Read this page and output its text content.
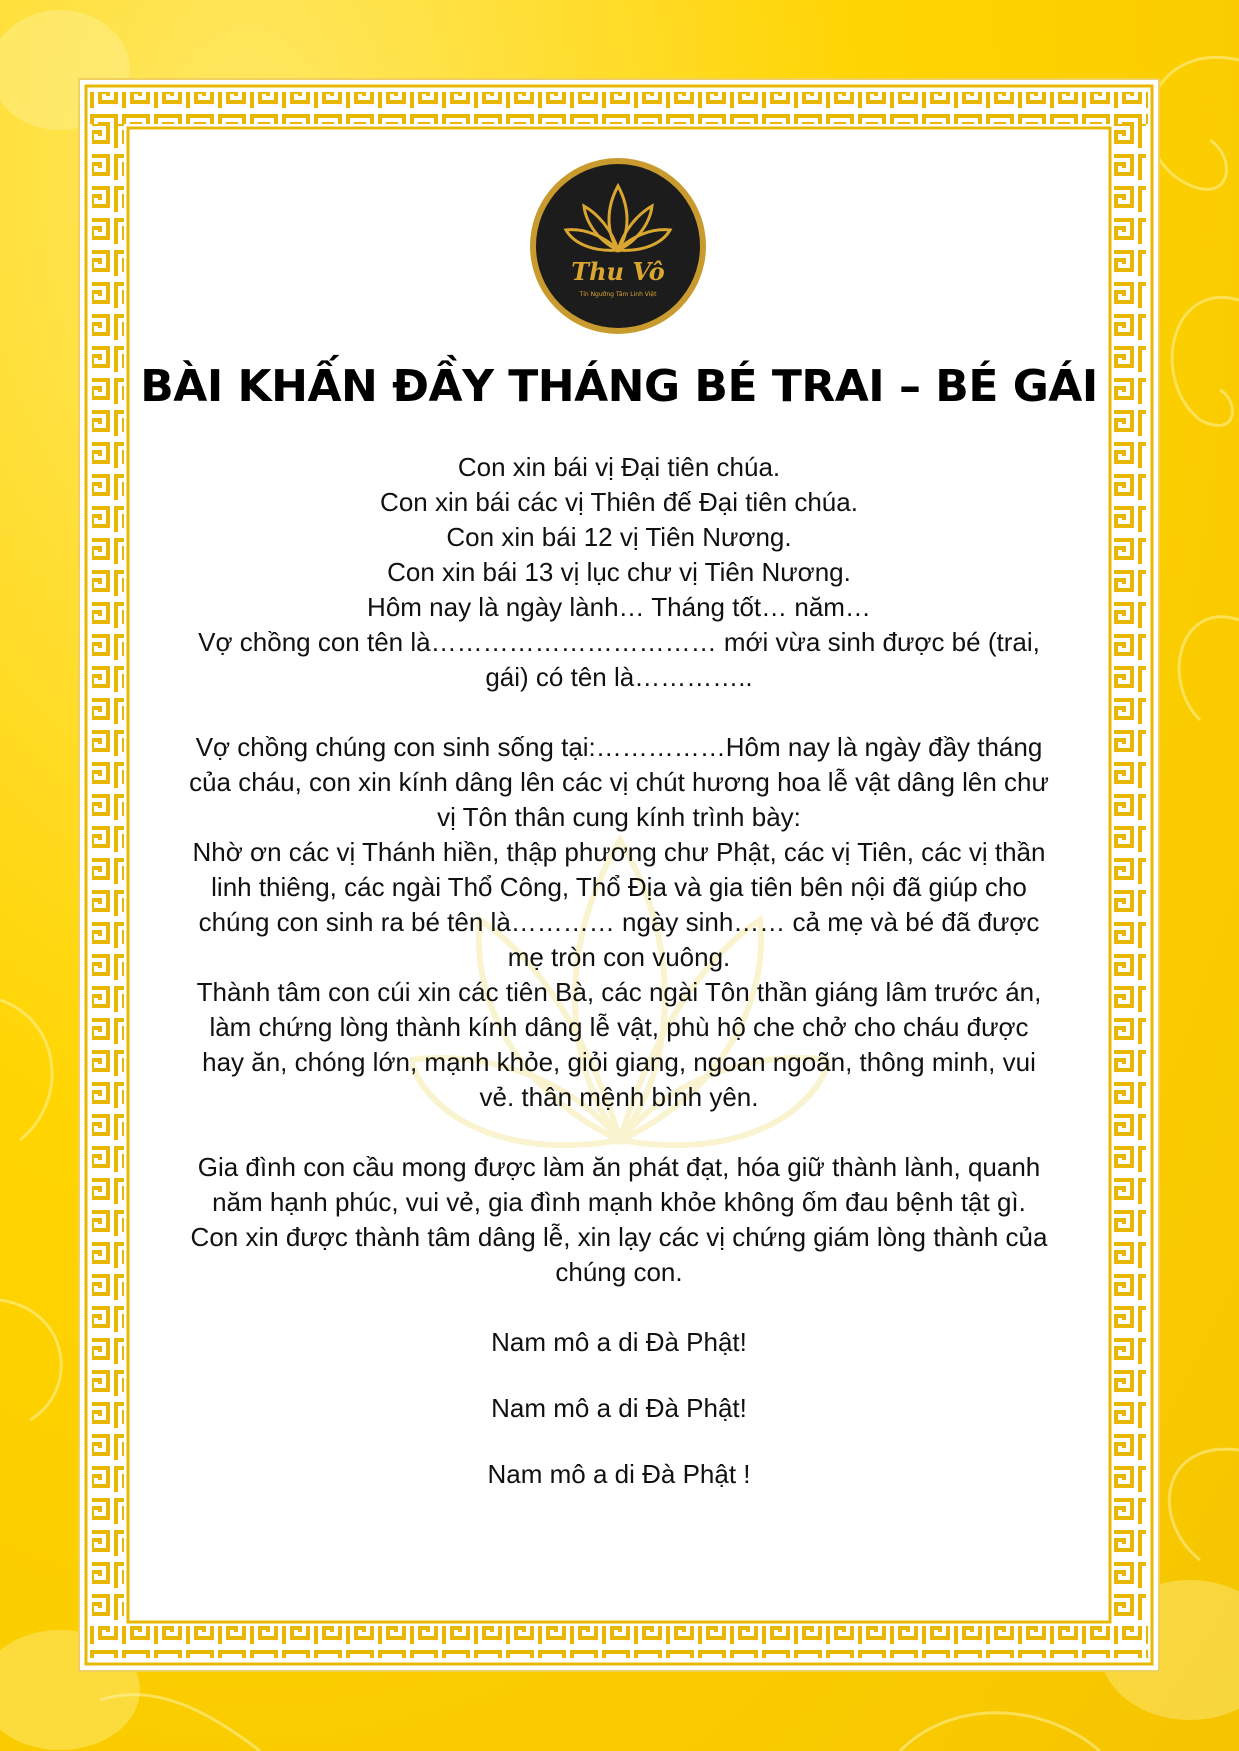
Thu Vô
Tín Ngưỡng Tâm Linh Việt
BÀI KHẤN ĐẦY THÁNG BÉ TRAI – BÉ GÁI

Con xin bái vị Đại tiên chúa.

Con xin bái các vị Thiên đế Đại tiên chúa.

Con xin bái 12 vị Tiên Nương.

Con xin bái 13 vị lục chư vị Tiên Nương.

Hôm nay là ngày lành… Tháng tốt… năm…

Vợ chồng con tên là…………………………… mới vừa sinh được bé (trai,

gái) có tên là…………..

Vợ chồng chúng con sinh sống tại:……………Hôm nay là ngày đầy tháng

của cháu, con xin kính dâng lên các vị chút hương hoa lễ vật dâng lên chư

vị Tôn thân cung kính trình bày:

Nhờ ơn các vị Thánh hiền, thập phương chư Phật, các vị Tiên, các vị thần

linh thiêng, các ngài Thổ Công, Thổ Địa và gia tiên bên nội đã giúp cho

chúng con sinh ra bé tên là………… ngày sinh…… cả mẹ và bé đã được

mẹ tròn con vuông.

Thành tâm con cúi xin các tiên Bà, các ngài Tôn thần giáng lâm trước án,

làm chứng lòng thành kính dâng lễ vật, phù hộ che chở cho cháu được

hay ăn, chóng lớn, mạnh khỏe, giỏi giang, ngoan ngoãn, thông minh, vui

vẻ. thân mệnh bình yên.

Gia đình con cầu mong được làm ăn phát đạt, hóa giữ thành lành, quanh

năm hạnh phúc, vui vẻ, gia đình mạnh khỏe không ốm đau bệnh tật gì.

Con xin được thành tâm dâng lễ, xin lạy các vị chứng giám lòng thành của

chúng con.

Nam mô a di Đà Phật!

Nam mô a di Đà Phật!

Nam mô a di Đà Phật !
